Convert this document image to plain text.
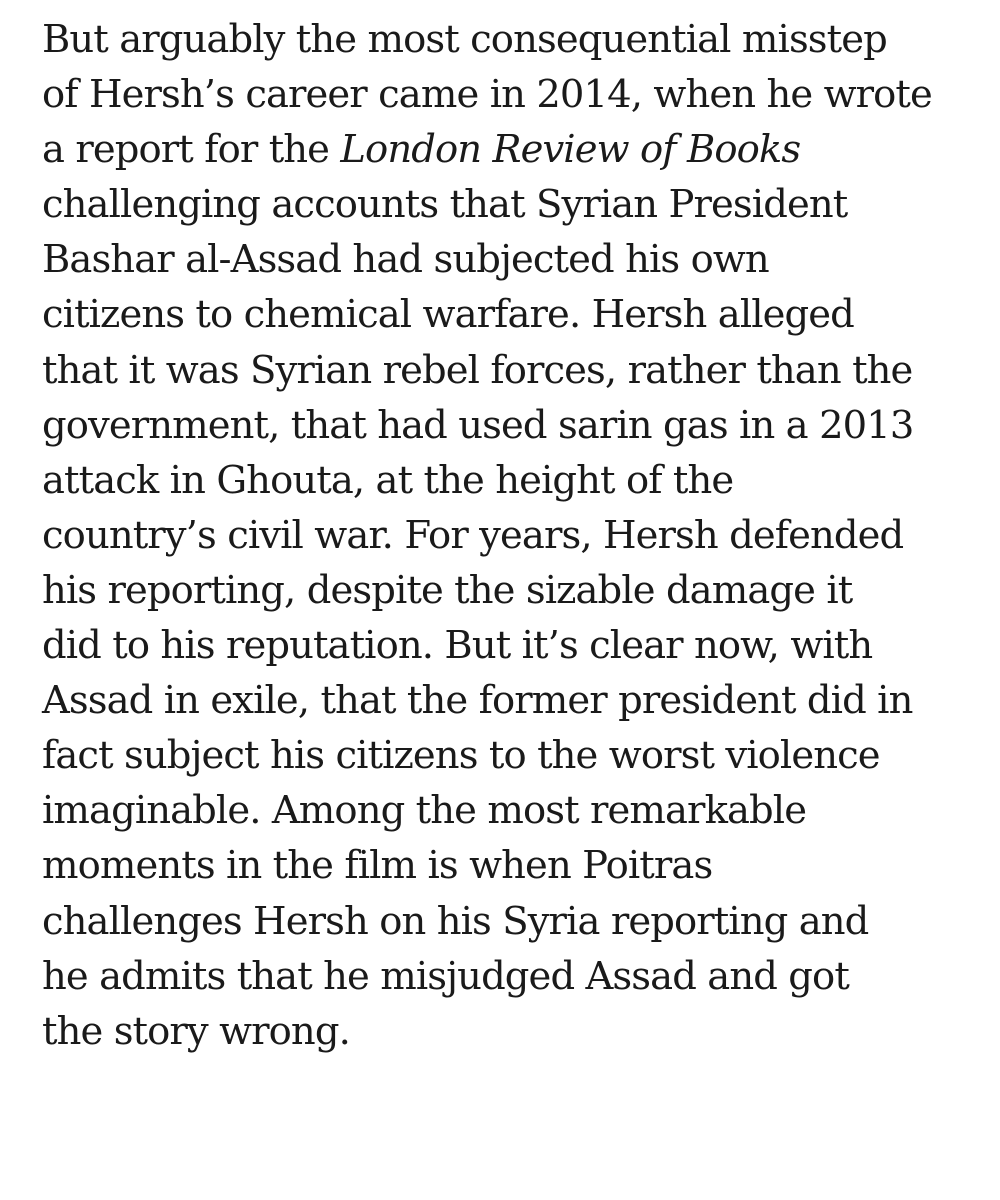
But arguably the most consequential misstep

of Hersh’s career came in 2014, when he wrote

a report for the London Review of Books

challenging accounts that Syrian President

Bashar al-Assad had subjected his own

citizens to chemical warfare. Hersh alleged

that it was Syrian rebel forces, rather than the

government, that had used sarin gas in a 2013

attack in Ghouta, at the height of the

country’s civil war. For years, Hersh defended

his reporting, despite the sizable damage it

did to his reputation. But it’s clear now, with

Assad in exile, that the former president did in

fact subject his citizens to the worst violence

imaginable. Among the most remarkable

moments in the film is when Poitras

challenges Hersh on his Syria reporting and

he admits that he misjudged Assad and got

the story wrong.
